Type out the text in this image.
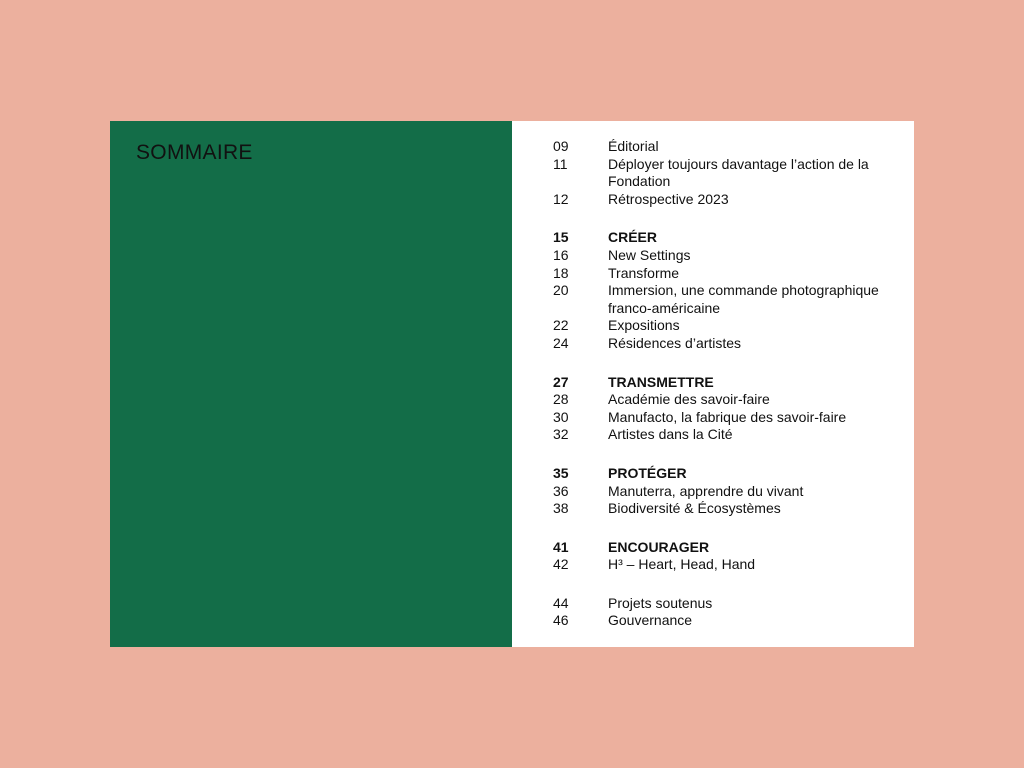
SOMMAIRE	09	Éditorial
11	Déployer toujours davantage l’action de la Fondation
12	Rétrospective 2023
15	CRÉER
16	New Settings
18	Transforme
20	Immersion, une commande photographique franco-américaine
22	Expositions
24	Résidences d’artistes
27	TRANSMETTRE
28	Académie des savoir-faire
30	Manufacto, la fabrique des savoir-faire
32	Artistes dans la Cité
35	PROTÉGER
36	Manuterra, apprendre du vivant
38	Biodiversité & Écosystèmes
41	ENCOURAGER
42	H³ – Heart, Head, Hand
44	Projets soutenus
46	Gouvernance
